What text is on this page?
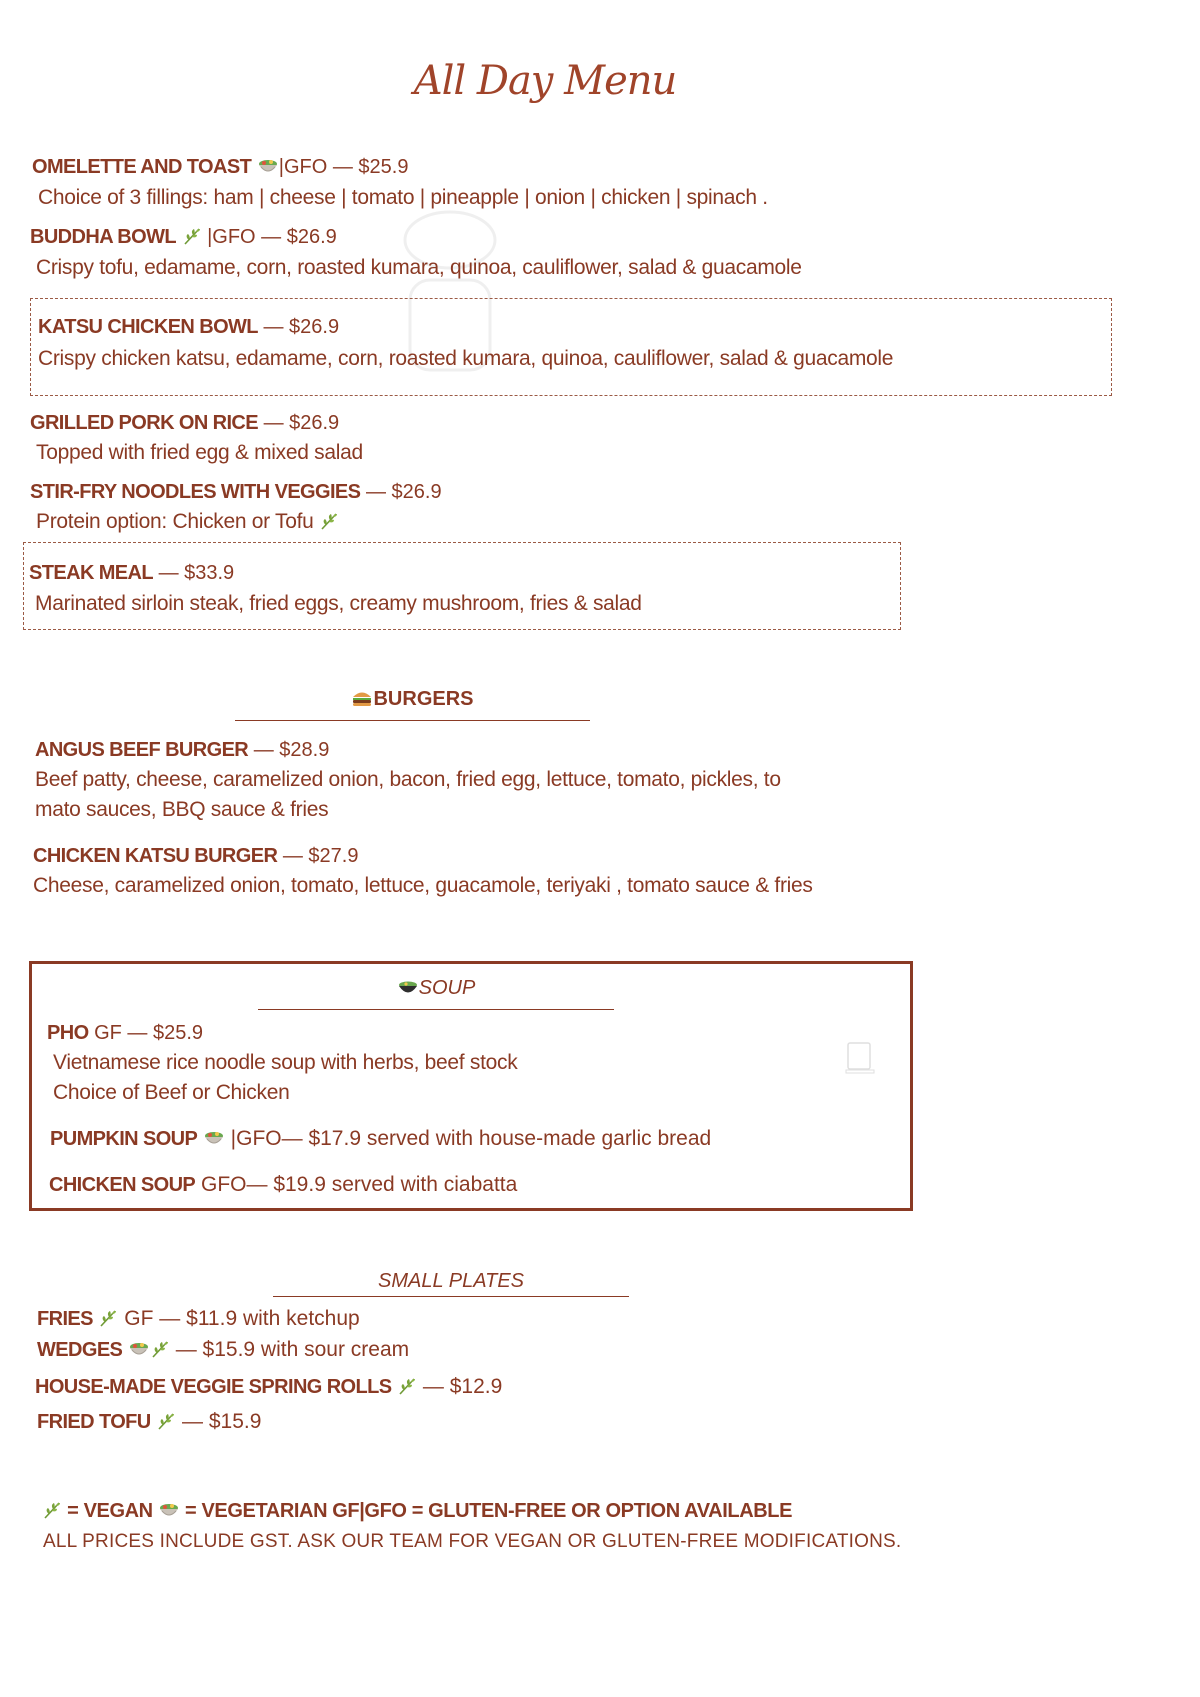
All Day Menu
OMELETTE AND TOAST |GFO — $25.9
Choice of 3 fillings: ham | cheese | tomato | pineapple | onion | chicken | spinach .
BUDDHA BOWL  |GFO — $26.9
Crispy tofu, edamame, corn, roasted kumara, quinoa, cauliflower, salad & guacamole
KATSU CHICKEN BOWL — $26.9
Crispy chicken katsu, edamame, corn, roasted kumara, quinoa, cauliflower, salad & guacamole
GRILLED PORK ON RICE — $26.9
Topped with fried egg & mixed salad
STIR-FRY NOODLES WITH VEGGIES — $26.9
Protein option: Chicken or Tofu
STEAK MEAL — $33.9
Marinated sirloin steak, fried eggs, creamy mushroom, fries & salad
BURGERS
ANGUS BEEF BURGER — $28.9
Beef patty, cheese, caramelized onion, bacon, fried egg, lettuce, tomato, pickles, to
mato sauces, BBQ sauce & fries
CHICKEN KATSU BURGER — $27.9
Cheese, caramelized onion, tomato, lettuce, guacamole, teriyaki , tomato sauce & fries
SOUP
PHO GF — $25.9
Vietnamese rice noodle soup with herbs, beef stock
Choice of Beef or Chicken
PUMPKIN SOUP  |GFO— $17.9 served with house-made garlic bread
CHICKEN SOUP GFO— $19.9 served with ciabatta
SMALL PLATES
FRIES  GF — $11.9 with ketchup
WEDGES  — $15.9 with sour cream
HOUSE-MADE VEGGIE SPRING ROLLS  — $12.9
FRIED TOFU  — $15.9
= VEGAN  = VEGETARIAN GF|GFO = GLUTEN-FREE OR OPTION AVAILABLE
ALL PRICES INCLUDE GST. ASK OUR TEAM FOR VEGAN OR GLUTEN-FREE MODIFICATIONS.
